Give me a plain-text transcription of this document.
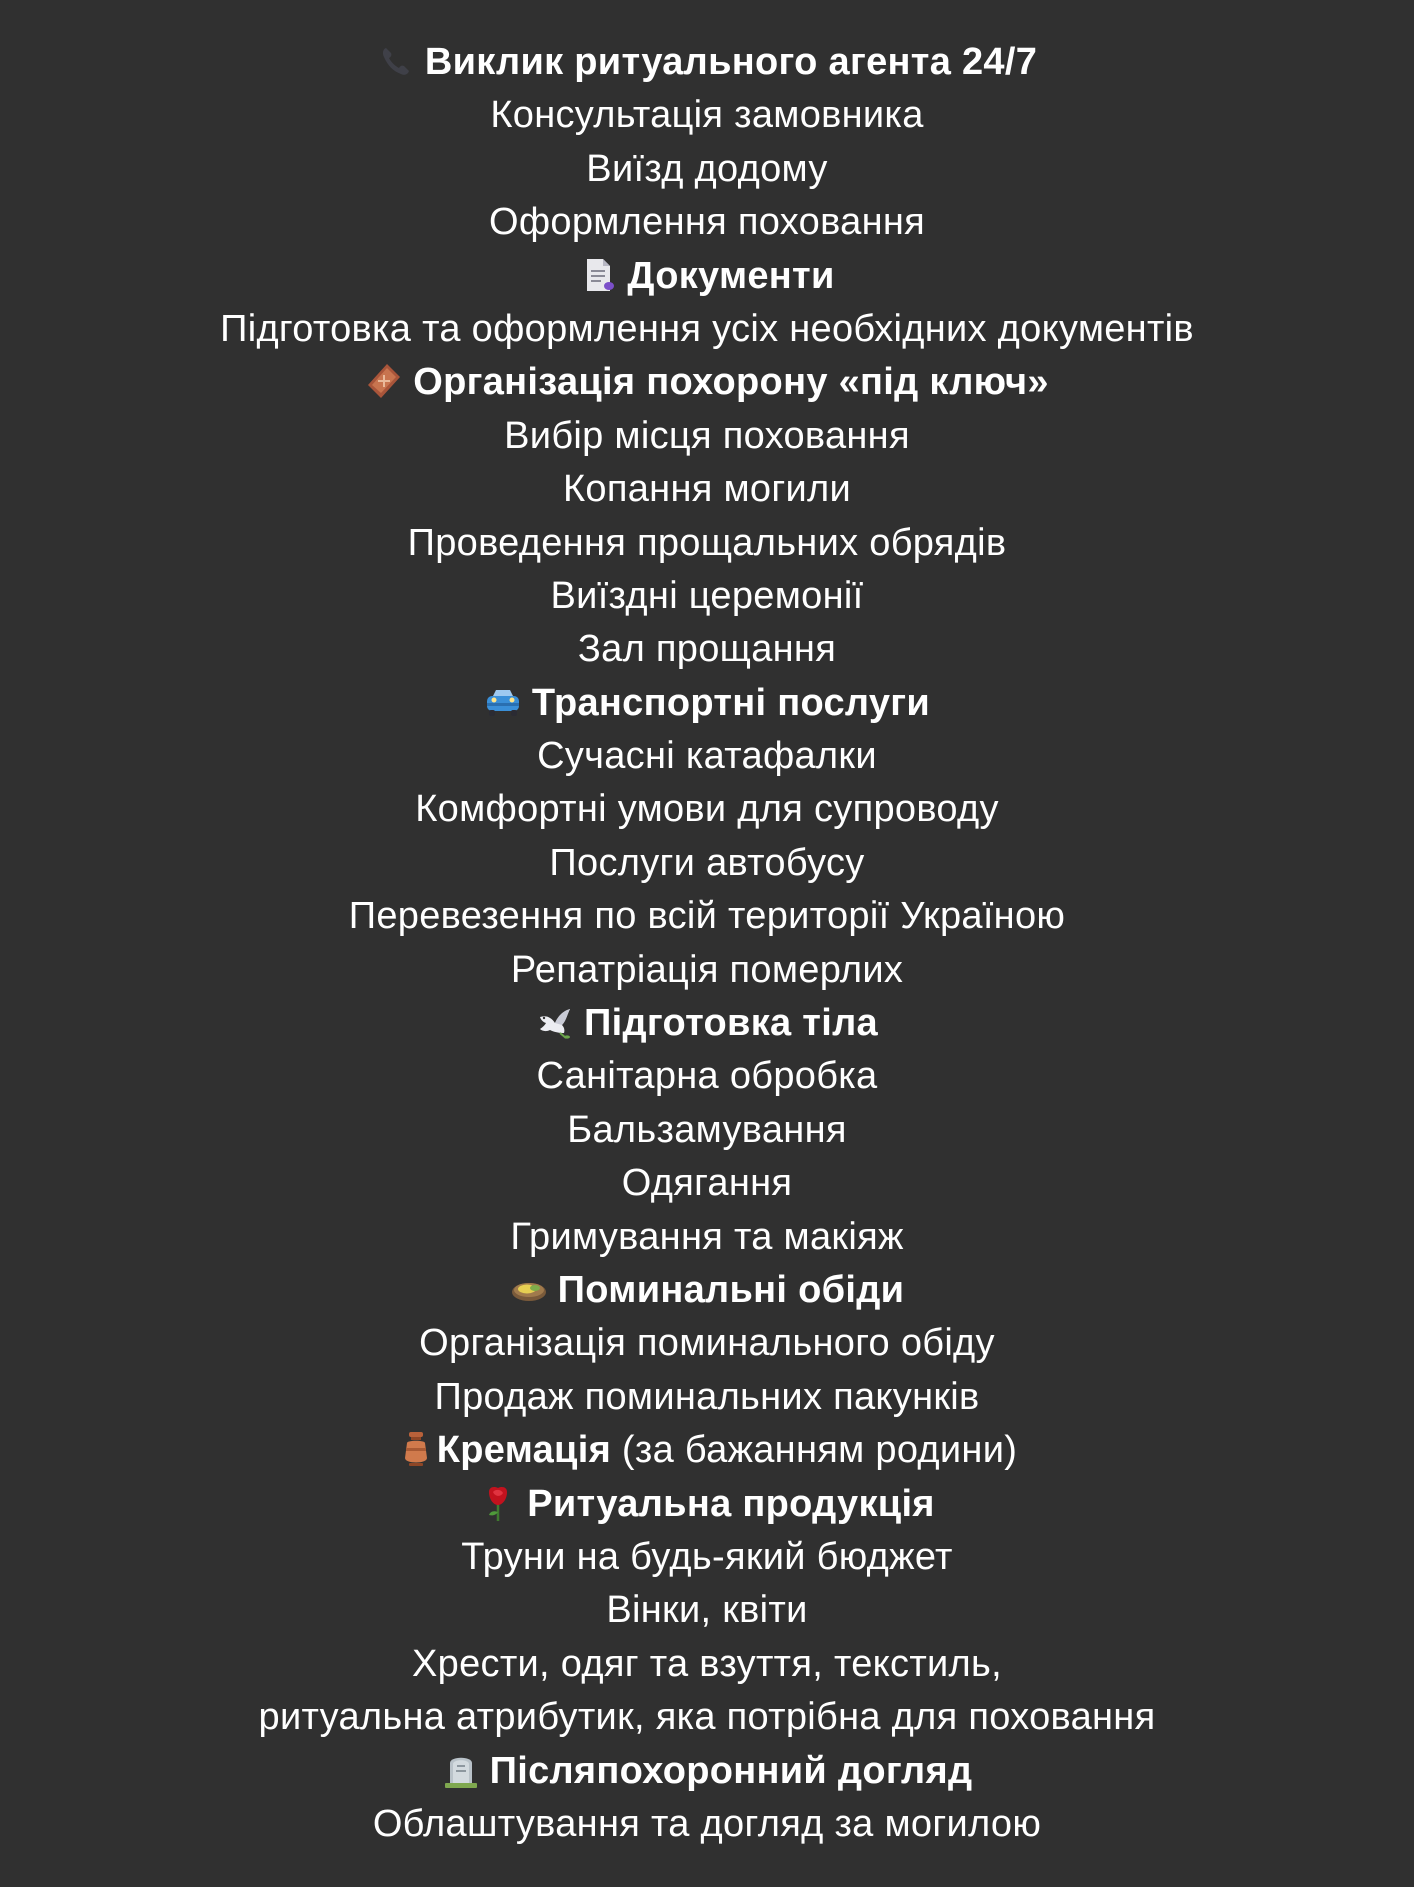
Виклик ритуального агента 24/7
Консультація замовника
Виїзд додому
Оформлення поховання
Документи
Підготовка та оформлення усіх необхідних документів
Організація похорону «під ключ»
Вибір місця поховання
Копання могили
Проведення прощальних обрядів
Виїздні церемонії
Зал прощання
Транспортні послуги
Сучасні катафалки
Комфортні умови для супроводу
Послуги автобусу
Перевезення по всій території Україною
Репатріація померлих
Підготовка тіла
Санітарна обробка
Бальзамування
Одягання
Гримування та макіяж
Поминальні обіди
Організація поминального обіду
Продаж поминальних пакунків
Кремація (за бажанням родини)
Ритуальна продукція
Труни на будь-який бюджет
Вінки, квіти
Хрести, одяг та взуття, текстиль,
ритуальна атрибутик, яка потрібна для поховання
Післяпохоронний догляд
Облаштування та догляд за могилою
